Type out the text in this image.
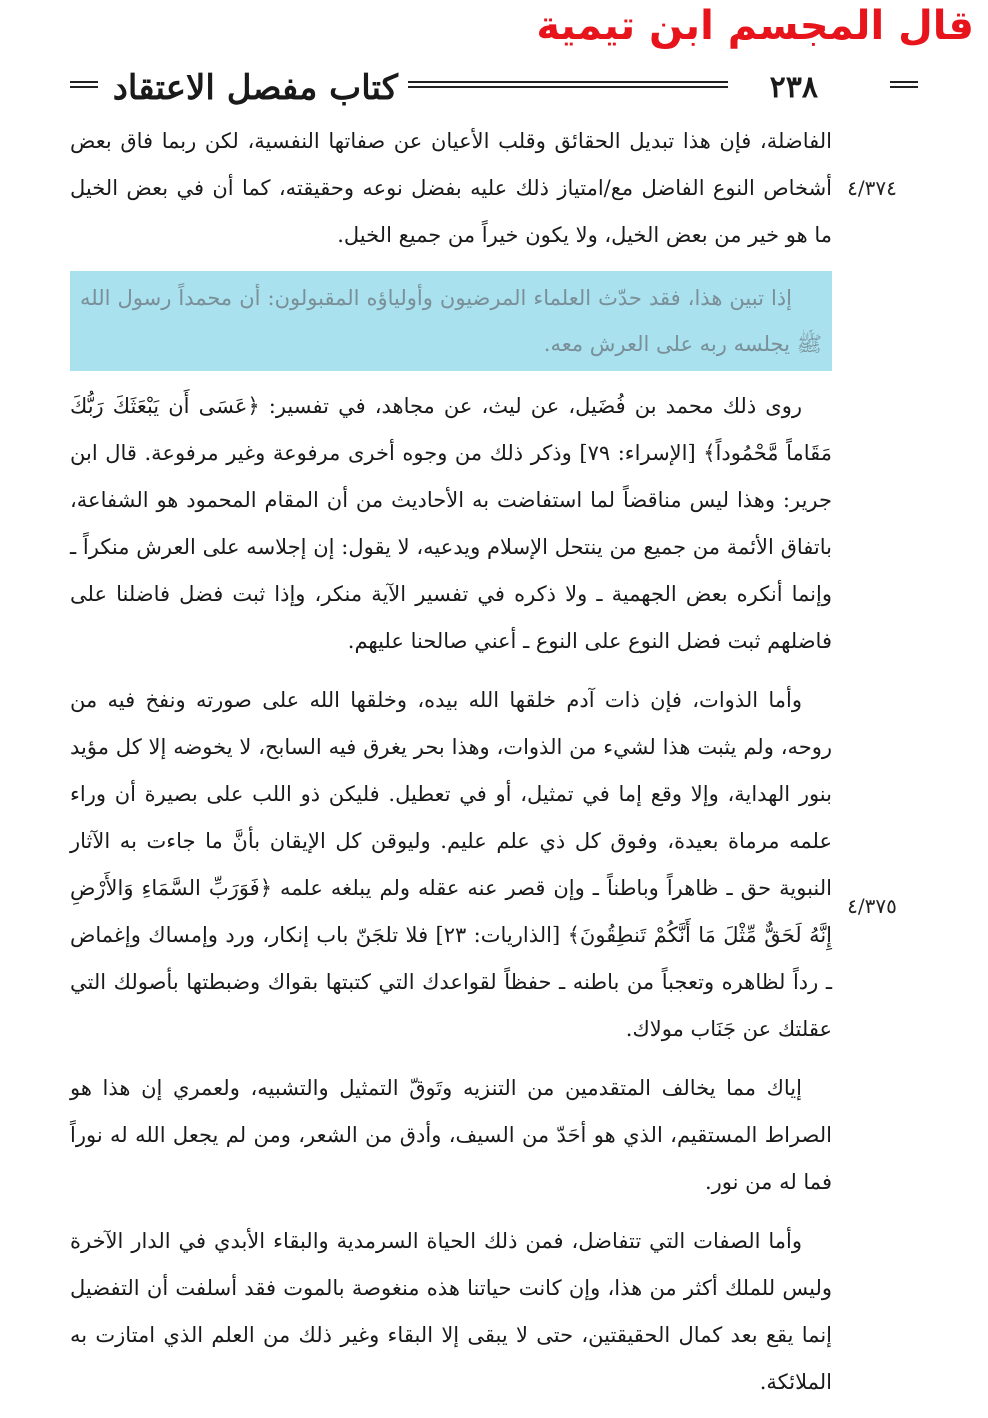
قال المجسم ابن تيمية
٢٣٨
كتاب مفصل الاعتقاد
٤/٣٧٤
٤/٣٧٥

الفاضلة، فإن هذا تبديل الحقائق وقلب الأعيان عن صفاتها النفسية، لكن ربما فاق بعض أشخاص النوع الفاضل مع/امتياز ذلك عليه بفضل نوعه وحقيقته، كما أن في بعض الخيل ما هو خير من بعض الخيل، ولا يكون خيراً من جميع الخيل.

إذا تبين هذا، فقد حدّث العلماء المرضيون وأولياؤه المقبولون: أن محمداً رسول الله ﷺ يجلسه ربه على العرش معه.

روى ذلك محمد بن فُضَيل، عن ليث، عن مجاهد، في تفسير: ﴿عَسَى أَن يَبْعَثَكَ رَبُّكَ مَقَاماً مَّحْمُوداً﴾ [الإسراء: ٧٩] وذكر ذلك من وجوه أخرى مرفوعة وغير مرفوعة. قال ابن جرير: وهذا ليس مناقضاً لما استفاضت به الأحاديث من أن المقام المحمود هو الشفاعة، باتفاق الأئمة من جميع من ينتحل الإسلام ويدعيه، لا يقول: إن إجلاسه على العرش منكراً ـ وإنما أنكره بعض الجهمية ـ ولا ذكره في تفسير الآية منكر، وإذا ثبت فضل فاضلنا على فاضلهم ثبت فضل النوع على النوع ـ أعني صالحنا عليهم.

وأما الذوات، فإن ذات آدم خلقها الله بيده، وخلقها الله على صورته ونفخ فيه من روحه، ولم يثبت هذا لشيء من الذوات، وهذا بحر يغرق فيه السابح، لا يخوضه إلا كل مؤيد بنور الهداية، وإلا وقع إما في تمثيل، أو في تعطيل. فليكن ذو اللب على بصيرة أن وراء علمه مرماة بعيدة، وفوق كل ذي علم عليم. وليوقن كل الإيقان بأنَّ ما جاءت به الآثار النبوية حق ـ ظاهراً وباطناً ـ وإن قصر عنه عقله ولم يبلغه علمه ﴿فَوَرَبِّ السَّمَاءِ وَالأَرْضِ إِنَّهُ لَحَقٌّ مِّثْلَ مَا أَنَّكُمْ تَنطِقُونَ﴾ [الذاريات: ٢٣] فلا تلجَنّ باب إنكار، ورد وإمساك وإغماض ـ رداً لظاهره وتعجباً من باطنه ـ حفظاً لقواعدك التي كتبتها بقواك وضبطتها بأصولك التي عقلتك عن جَنَاب مولاك.

إياك مما يخالف المتقدمين من التنزيه وتَوقّ التمثيل والتشبيه، ولعمري إن هذا هو الصراط المستقيم، الذي هو أحَدّ من السيف، وأدق من الشعر، ومن لم يجعل الله له نوراً فما له من نور.

وأما الصفات التي تتفاضل، فمن ذلك الحياة السرمدية والبقاء الأبدي في الدار الآخرة وليس للملك أكثر من هذا، وإن كانت حياتنا هذه منغوصة بالموت فقد أسلفت أن التفضيل إنما يقع بعد كمال الحقيقتين، حتى لا يبقى إلا البقاء وغير ذلك من العلم الذي امتازت به الملائكة.
